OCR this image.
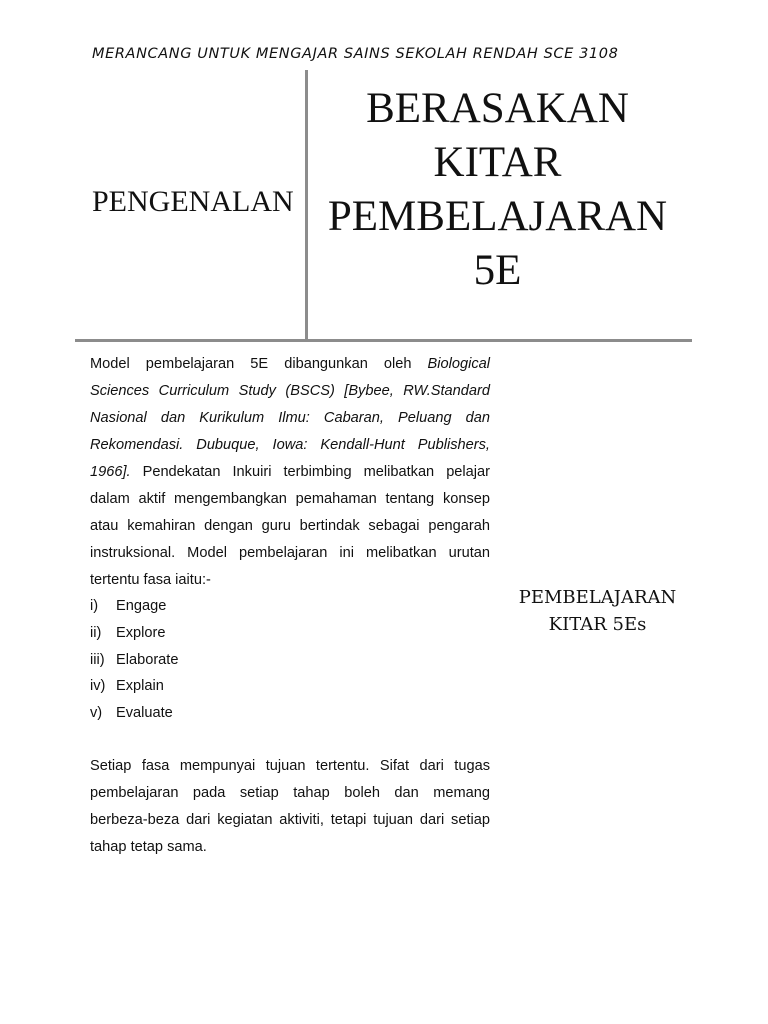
MERANCANG UNTUK MENGAJAR SAINS SEKOLAH RENDAH SCE 3108
PENGENALAN
BERASAKAN
KITAR
PEMBELAJARAN
5E
Model pembelajaran 5E dibangunkan oleh Biological
Sciences Curriculum Study (BSCS) [Bybee, RW.Standard
Nasional dan Kurikulum Ilmu: Cabaran, Peluang dan
Rekomendasi. Dubuque, Iowa: Kendall-Hunt Publishers,
1966]. Pendekatan Inkuiri terbimbing melibatkan pelajar
dalam aktif mengembangkan pemahaman tentang konsep
atau kemahiran dengan guru bertindak sebagai pengarah
instruksional. Model pembelajaran ini melibatkan urutan
tertentu fasa iaitu:-
i) Engage
ii) Explore
iii) Elaborate
iv) Explain
v) Evaluate
Setiap fasa mempunyai tujuan tertentu. Sifat dari tugas
pembelajaran pada setiap tahap boleh dan memang
berbeza-beza dari kegiatan aktiviti, tetapi tujuan dari setiap
tahap tetap sama.
PEMBELAJARAN
KITAR 5Es
